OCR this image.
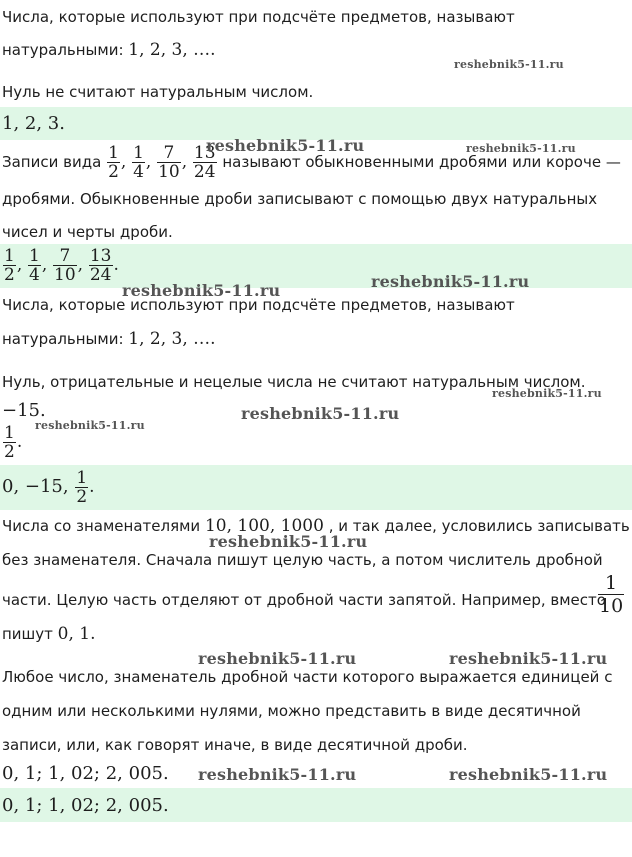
Числа, которые используют при подсчёте предметов, называют
натуральными: 1, 2, 3, ….
Нуль не считают натуральным числом.
1, 2, 3.
Записи вида $\frac{1}{2}$ , $\frac{1}{4}$ , $\frac{7}{10}$ , $\frac{13}{24}$ называют обыкновенными дробями или короче —
дробями. Обыкновенные дроби записывают с помощью двух натуральных
чисел и черты дроби.
$\frac{1}{2}$ , $\frac{1}{4}$ , $\frac{7}{10}$ , $\frac{13}{24}$ .
Числа, которые используют при подсчёте предметов, называют
натуральными: 1, 2, 3, ….
Нуль, отрицательные и нецелые числа не считают натуральным числом.
−15.
$\frac{1}{2}$ .
0, −15, $\frac{1}{2}$ .
Числа со знаменателями 10, 100, 1000 , и так далее, условились записывать
без знаменателя. Сначала пишут целую часть, а потом числитель дробной
части. Целую часть отделяют от дробной части запятой. Например, вместо
$\frac{1}{10}$
пишут 0, 1.
Любое число, знаменатель дробной части которого выражается единицей с
одним или несколькими нулями, можно представить в виде десятичной
записи, или, как говорят иначе, в виде десятичной дроби.
0, 1; 1, 02; 2, 005.
0, 1; 1, 02; 2, 005.
reshebnik5-11.ru
reshebnik5-11.ru	reshebnik5-11.ru
reshebnik5-11.ru	reshebnik5-11.ru
reshebnik5-11.ru
reshebnik5-11.ru
reshebnik5-11.ru
reshebnik5-11.ru
reshebnik5-11.ru	reshebnik5-11.ru
reshebnik5-11.ru	reshebnik5-11.ru
